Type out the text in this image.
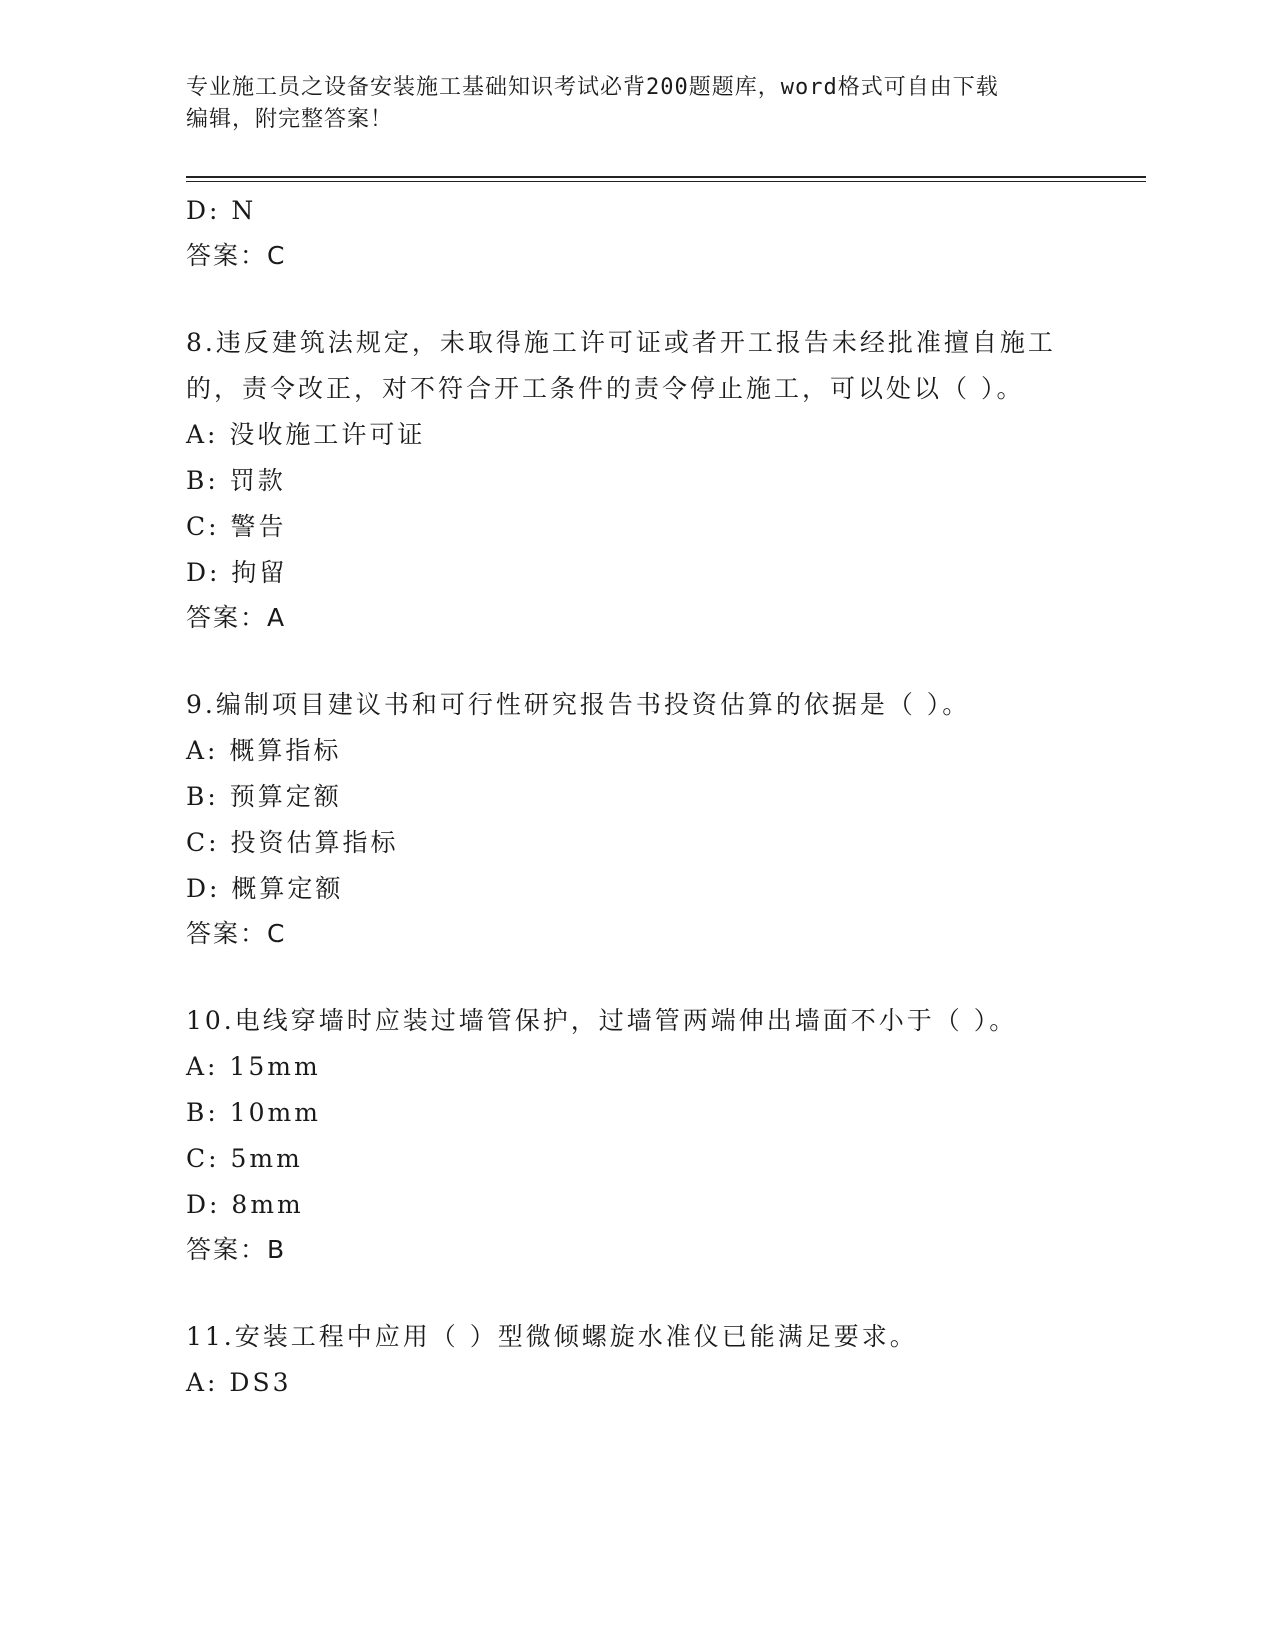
专业施工员之设备安装施工基础知识考试必背200题题库，word格式可自由下载
编辑，附完整答案！
D: N
答案：C
8.违反建筑法规定，未取得施工许可证或者开工报告未经批准擅自施工的，责令改正，对不符合开工条件的责令停止施工，可以处以（ ）。
A: 没收施工许可证
B: 罚款
C: 警告
D: 拘留
答案：A
9.编制项目建议书和可行性研究报告书投资估算的依据是（ ）。
A: 概算指标
B: 预算定额
C: 投资估算指标
D: 概算定额
答案：C
10.电线穿墙时应装过墙管保护，过墙管两端伸出墙面不小于（ ）。
A: 15mm
B: 10mm
C: 5mm
D: 8mm
答案：B
11.安装工程中应用（ ）型微倾螺旋水准仪已能满足要求。
A: DS3
